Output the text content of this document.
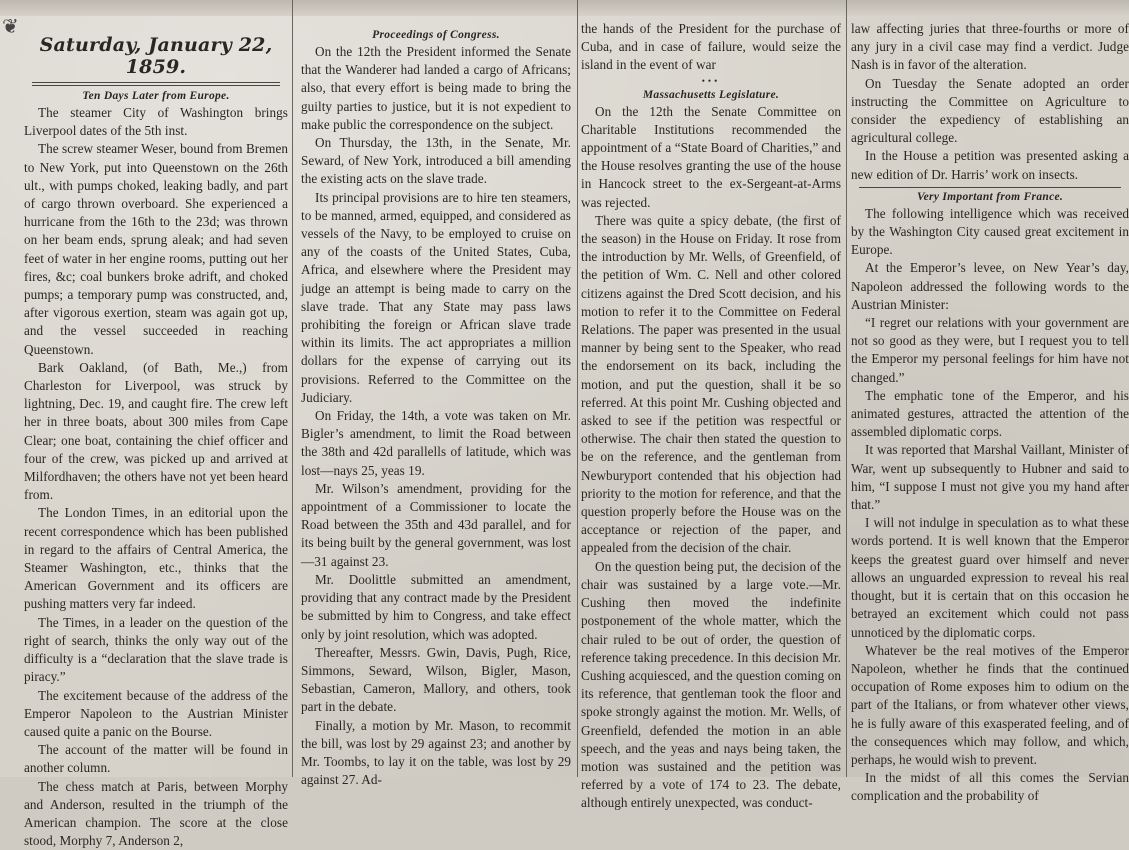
❦
Saturday, January 22, 1859.
Ten Days Later from Europe.

The steamer City of Washington brings Liverpool dates of the 5th inst.

The screw steamer Weser, bound from Bremen to New York, put into Queenstown on the 26th ult., with pumps choked, leaking badly, and part of cargo thrown overboard. She experienced a hurricane from the 16th to the 23d; was thrown on her beam ends, sprung aleak; and had seven feet of water in her engine rooms, putting out her fires, &c; coal bunkers broke adrift, and choked pumps; a temporary pump was constructed, and, after vigorous exertion, steam was again got up, and the vessel succeeded in reaching Queenstown.

Bark Oakland, (of Bath, Me.,) from Charleston for Liverpool, was struck by lightning, Dec. 19, and caught fire. The crew left her in three boats, about 300 miles from Cape Clear; one boat, containing the chief officer and four of the crew, was picked up and arrived at Milfordhaven; the others have not yet been heard from.

The London Times, in an editorial upon the recent correspondence which has been published in regard to the affairs of Central America, the Steamer Washington, etc., thinks that the American Government and its officers are pushing matters very far indeed.

The Times, in a leader on the question of the right of search, thinks the only way out of the difficulty is a “declaration that the slave trade is piracy.”

The excitement because of the address of the Emperor Napoleon to the Austrian Minister caused quite a panic on the Bourse.

The account of the matter will be found in another column.

The chess match at Paris, between Morphy and Anderson, resulted in the triumph of the American champion. The score at the close stood, Morphy 7, Anderson 2,

Proceedings of Congress.

On the 12th the President informed the Senate that the Wanderer had landed a cargo of Africans; also, that every effort is being made to bring the guilty parties to justice, but it is not expedient to make public the correspondence on the subject.

On Thursday, the 13th, in the Senate, Mr. Seward, of New York, introduced a bill amending the existing acts on the slave trade.

Its principal provisions are to hire ten steamers, to be manned, armed, equipped, and considered as vessels of the Navy, to be employed to cruise on any of the coasts of the United States, Cuba, Africa, and elsewhere where the President may judge an attempt is being made to carry on the slave trade. That any State may pass laws prohibiting the foreign or African slave trade within its limits. The act appropriates a million dollars for the expense of carrying out its provisions. Referred to the Committee on the Judiciary.

On Friday, the 14th, a vote was taken on Mr. Bigler’s amendment, to limit the Road between the 38th and 42d parallells of latitude, which was lost—nays 25, yeas 19.

Mr. Wilson’s amendment, providing for the appointment of a Commissioner to locate the Road between the 35th and 43d parallel, and for its being built by the general government, was lost—31 against 23.

Mr. Doolittle submitted an amendment, providing that any contract made by the President be submitted by him to Congress, and take effect only by joint resolution, which was adopted.

Thereafter, Messrs. Gwin, Davis, Pugh, Rice, Simmons, Seward, Wilson, Bigler, Mason, Sebastian, Cameron, Mallory, and others, took part in the debate.

Finally, a motion by Mr. Mason, to recommit the bill, was lost by 29 against 23; and another by Mr. Toombs, to lay it on the table, was lost by 29 against 27. Ad-

the hands of the President for the purchase of Cuba, and in case of failure, would seize the island in the event of war

•••
Massachusetts Legislature.

On the 12th the Senate Committee on Charitable Institutions recommended the appointment of a “State Board of Charities,” and the House resolves granting the use of the house in Hancock street to the ex-Sergeant-at-Arms was rejected.

There was quite a spicy debate, (the first of the season) in the House on Friday. It rose from the introduction by Mr. Wells, of Greenfield, of the petition of Wm. C. Nell and other colored citizens against the Dred Scott decision, and his motion to refer it to the Committee on Federal Relations. The paper was presented in the usual manner by being sent to the Speaker, who read the endorsement on its back, including the motion, and put the question, shall it be so referred. At this point Mr. Cushing objected and asked to see if the petition was respectful or otherwise. The chair then stated the question to be on the reference, and the gentleman from Newburyport contended that his objection had priority to the motion for reference, and that the question properly before the House was on the acceptance or rejection of the paper, and appealed from the decision of the chair.

On the question being put, the decision of the chair was sustained by a large vote.—Mr. Cushing then moved the indefinite postponement of the whole matter, which the chair ruled to be out of order, the question of reference taking precedence. In this decision Mr. Cushing acquiesced, and the question coming on its reference, that gentleman took the floor and spoke strongly against the motion. Mr. Wells, of Greenfield, defended the motion in an able speech, and the yeas and nays being taken, the motion was sustained and the petition was referred by a vote of 174 to 23. The debate, although entirely unexpected, was conduct-

law affecting juries that three-fourths or more of any jury in a civil case may find a verdict. Judge Nash is in favor of the alteration.

On Tuesday the Senate adopted an order instructing the Committee on Agriculture to consider the expediency of establishing an agricultural college.

In the House a petition was presented asking a new edition of Dr. Harris’ work on insects.

Very Important from France.

The following intelligence which was received by the Washington City caused great excitement in Europe.

At the Emperor’s levee, on New Year’s day, Napoleon addressed the following words to the Austrian Minister:

“I regret our relations with your government are not so good as they were, but I request you to tell the Emperor my personal feelings for him have not changed.”

The emphatic tone of the Emperor, and his animated gestures, attracted the attention of the assembled diplomatic corps.

It was reported that Marshal Vaillant, Minister of War, went up subsequently to Hubner and said to him, “I suppose I must not give you my hand after that.”

I will not indulge in speculation as to what these words portend. It is well known that the Emperor keeps the greatest guard over himself and never allows an unguarded expression to reveal his real thought, but it is certain that on this occasion he betrayed an excitement which could not pass unnoticed by the diplomatic corps.

Whatever be the real motives of the Emperor Napoleon, whether he finds that the continued occupation of Rome exposes him to odium on the part of the Italians, or from whatever other views, he is fully aware of this exasperated feeling, and of the consequences which may follow, and which, perhaps, he would wish to prevent.

In the midst of all this comes the Servian complication and the probability of
